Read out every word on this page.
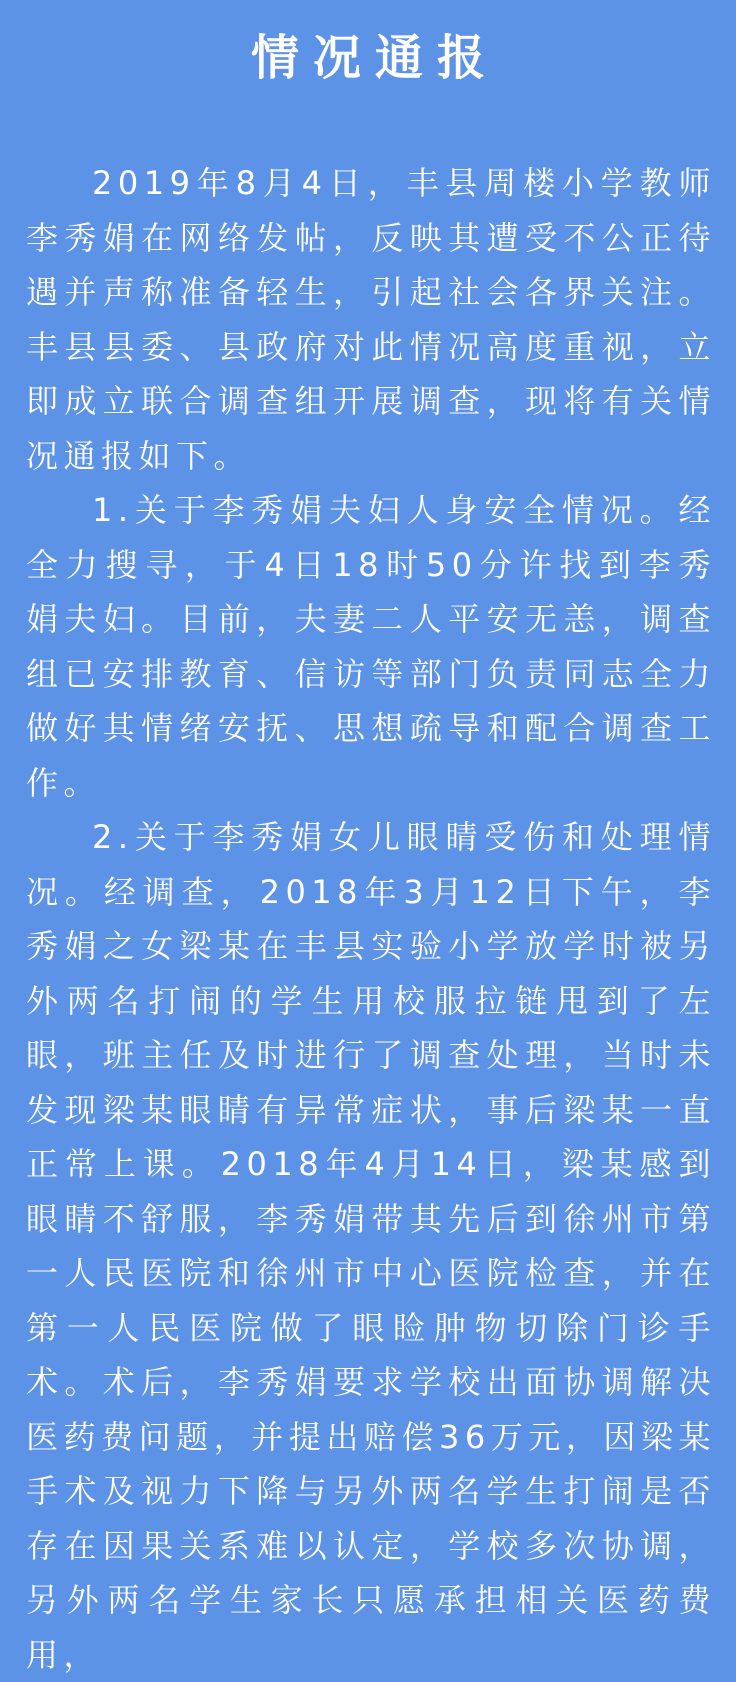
情况通报

2019年8月4日，丰县周楼小学教师李秀娟在网络发帖，反映其遭受不公正待遇并声称准备轻生，引起社会各界关注。丰县县委、县政府对此情况高度重视，立即成立联合调查组开展调查，现将有关情况通报如下。

1.关于李秀娟夫妇人身安全情况。经全力搜寻，于4日18时50分许找到李秀娟夫妇。目前，夫妻二人平安无恙，调查组已安排教育、信访等部门负责同志全力做好其情绪安抚、思想疏导和配合调查工作。

2.关于李秀娟女儿眼睛受伤和处理情况。经调查，2018年3月12日下午，李秀娟之女梁某在丰县实验小学放学时被另外两名打闹的学生用校服拉链甩到了左眼，班主任及时进行了调查处理，当时未发现梁某眼睛有异常症状，事后梁某一直正常上课。2018年4月14日，梁某感到眼睛不舒服，李秀娟带其先后到徐州市第一人民医院和徐州市中心医院检查，并在第一人民医院做了眼睑肿物切除门诊手术。术后，李秀娟要求学校出面协调解决医药费问题，并提出赔偿36万元，因梁某手术及视力下降与另外两名学生打闹是否存在因果关系难以认定，学校多次协调，另外两名学生家长只愿承担相关医药费用，
